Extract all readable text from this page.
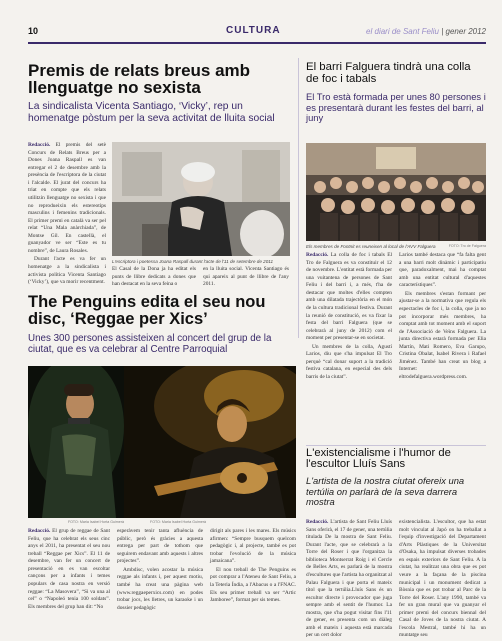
10	CULTURA	el diari de Sant Feliu | gener 2012
Premis de relats breus amb llenguatge no sexista

La sindicalista Vicenta Santiago, ‘Vicky’, rep un homenatge pòstum per la seva activitat de lluita social

Redacció. El premis del setè Concurs de Relats Breus per a Dones Joana Raspall es van entregar el 2 de desembre amb la presència de l'escriptora de la ciutat i l'alcalde. El jurat del concurs ha triat en compte que els relats utilitzin llenguatge no sexista i que no reprodueixin els estereotips masculins i femenins tradicionals. El primer premi en català va ser pel relat “Una Mala anàrchiada”, de Montse Gil. En castellà, el guanyador ve ser “Este es tu nombre”, de Laura Rosales.

Durant l'acte es va fer un homenatge a la sindicalista i activista política Vicenta Santiago (‘Vicky’), que va morir recentment.

L'escriptora i poetessa Joana Raspall durant l'acte de l'11 de setembre de 2011
El Casal de la Dona ja ha editat els punts de llibre dedicats a dones que han destacat en la seva feina o
en la lluita social. Vicenta Santiago és qui apareix al punt de llibre de l'any 2011.
El barri Falguera tindrà una colla de foc i tabals

El Tro està formada per unes 80 persones i es presentarà durant les festes del barri, al juny

Els membres de Fontnit es reuneixen al local de l'AVV Falguera	FOTO: Tro de Falguera

Redacció. La colla de foc i tabals El Tro de Falguera es va constituir el 12 de novembre. L'entitat està formada per una vuitantena de persones de Sant Feliu i del barri i, a més, t'ha de destacar que moltes d'elles compten amb una dilatada trajectòria en el món de la cultura tradicional festiva. Durant la reunió de constitució, es va fixar la festa del barri Falguera (que se celebrarà al juny de 2012) com el moment per presentar-se en societat.

Un membres de la colla, Agustí Larios, diu que s'ha impulsat El Tro perquè “cal donar suport a la tradició festiva catalana, en especial des dels barris de la ciutat”.

Larios també destaca que “fa falta gent a una barri molt dinàmic i participatiu que, paradoxalment, mai ha comptat amb una entitat cultural d'aquestes característiques”.

Els membres s'estan formant per ajustar-se a la normativa que regula els espectacles de foc i, la colla, que ja no pot incorporar més membres, ha comptat amb tot moment amb el suport de l'Associació de Veïns Falguera. La junta directiva estarà formada per Elia Martín, Mati Romero, Eva Garupo, Cristina Obalat, Isabel Rivera i Rafael Jiménez. També han creat un blog a Internet: eltrodefalguera.wordpress.com.

The Penguins edita el seu nou disc, ‘Reggae per Xics’

Unes 300 persones assisteixen al concert del grup de la ciutat, que es va celebrar al Centre Parroquial

FOTO: Maria Isabel Horta Guimerà	FOTO: Maria Isabel Horta Guimerà

Redacció. El grup de reggae de Sant Feliu, que ha celebrat els seus cinc anys el 2011, ha presentat el seu nou treball “Reggae per Xics”. El 11 de desembre, van fer un concert de presentació en es van escoltar cançons per a infants i temes populars de casa nostra en versió reggae: “La Masovera”, “Si va una al cel” o “Napoleó tenia 100 soldats”. Els membres del grup han dit: “No

esperàvem tenir tanta afluència de públic, però és gràcies a aquesta entrega per part de tothom que seguirem endavant amb aquests i altres projectes”.

Ambdisc, volen acostar la música reggae als infants i, per aquest motiu, també ha creat una pàgina web (www.reggaeperxics.com) en podes trobar jocs, les lletres, un karaoke i un dossier pedagògic

dirigit als pares i les mares. Els músics afirmen: “Sempre busquem quelcom pedagògic i, al projecte, també es pot trobar l'evolució de la música jamaicana”.

El nou treball de The Penguins es pot comprar a l'Ateneu de Sant Feliu, a la Teteria Índia, a l'Abacus o a l'FNAC. Els seu primer treball va ser “Artic Jamboree”, format per sis temes.

L'existencialisme i l'humor de l'escultor Lluís Sans

L'artista de la nostra ciutat ofereix una tertúlia on parlarà de la seva darrera mostra

Redacció. L'artista de Sant Feliu Lluís Sans oferirà, el 17 de gener, una tertúlia titulada De la mostra de Sant Feliu. Durant l'acte, que se celebrarà a la Torre del Roser i que l'organitza la biblioteca Montserrat Roig i el Cercle de Belles Arts, es parlarà de la mostra d'escultures que l'artista ha organitzat al Palau Falguera i que porta el mateix títol que la tertúlia.Lluís Sans és un escultor directe i provocador que juga sempre amb el sentit de l'humor. La mostra, que s'ha pogut visitar fins l'11 de gener, es presenta com un diàleg amb el mateix i aquesta està marcada per un cert dolor

existencialista. L'escultor, que ha estat molt vinculat al Japó on ha treballat a l'equip d'investigació del Departament d'Arts Plàstiques de la Universitat d'Osaka, ha impulsat diverses trobades en espais exteriors de Sant Feliu. A la ciutat, ha realitzat una obra que es pot veure a la façana de la piscina municipal i un monument dedicat a Bòsnia que es pot trobar al Parc de la Torre del Roser. L'any 1990, també va fer un gran mural que va guanyar el primer premi del concurs biennal del Casal de Joves de la nostra ciutat. A l'escola Mestral, també hi ha un muntatge seu
